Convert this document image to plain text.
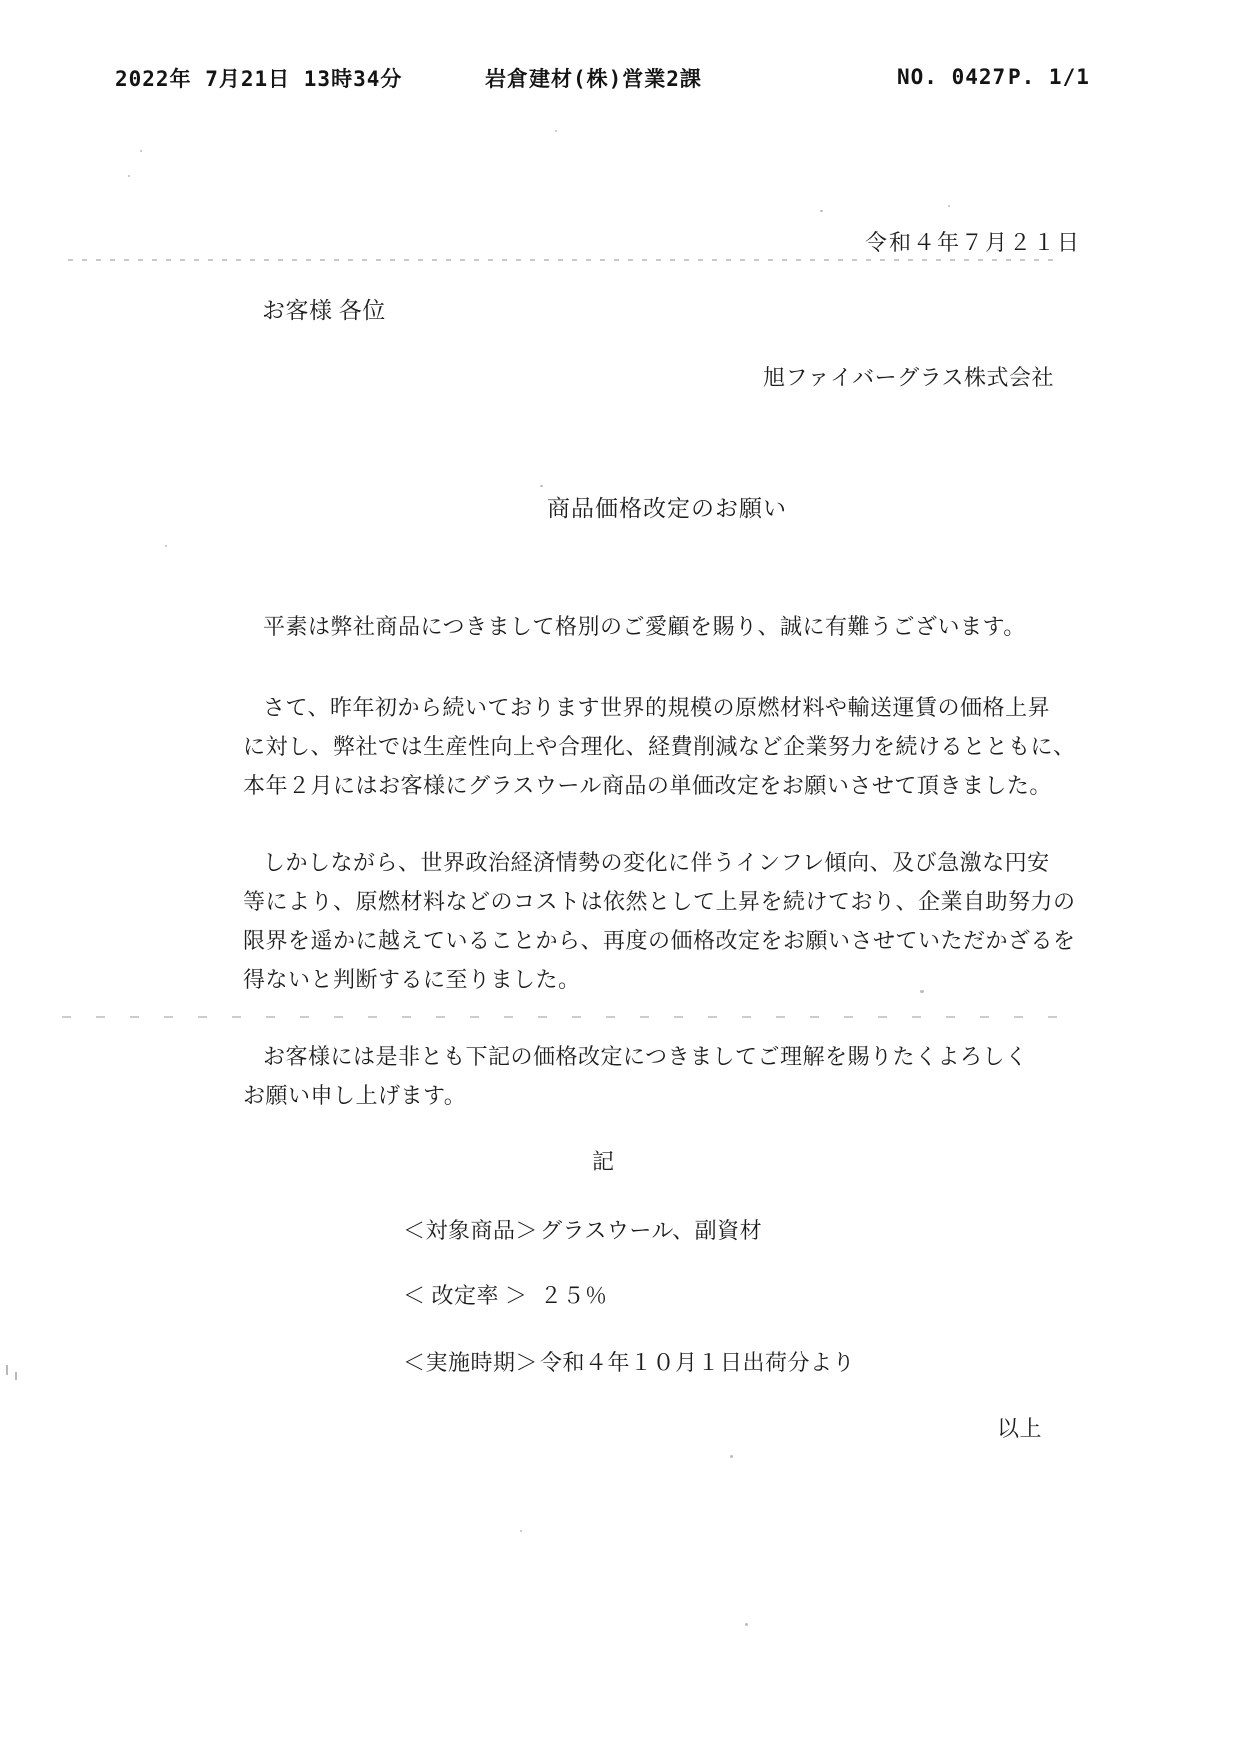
2022年 7月21日 13時34分	岩倉建材(株)営業2課	NO. 0427 P. 1/1
令和４年７月２１日
お客様 各位
旭ファイバーグラス株式会社
商品価格改定のお願い
平素は弊社商品につきまして格別のご愛顧を賜り、誠に有難うございます。
さて、昨年初から続いております世界的規模の原燃材料や輸送運賃の価格上昇
に対し、弊社では生産性向上や合理化、経費削減など企業努力を続けるとともに、
本年２月にはお客様にグラスウール商品の単価改定をお願いさせて頂きました。
しかしながら、世界政治経済情勢の変化に伴うインフレ傾向、及び急激な円安
等により、原燃材料などのコストは依然として上昇を続けており、企業自助努力の
限界を遥かに越えていることから、再度の価格改定をお願いさせていただかざるを
得ないと判断するに至りました。
お客様には是非とも下記の価格改定につきましてご理解を賜りたくよろしく
お願い申し上げます。
記
＜対象商品＞ グラスウール、副資材
＜ 改定率 ＞ ２５％
＜実施時期＞ 令和４年１０月１日出荷分より
以上
